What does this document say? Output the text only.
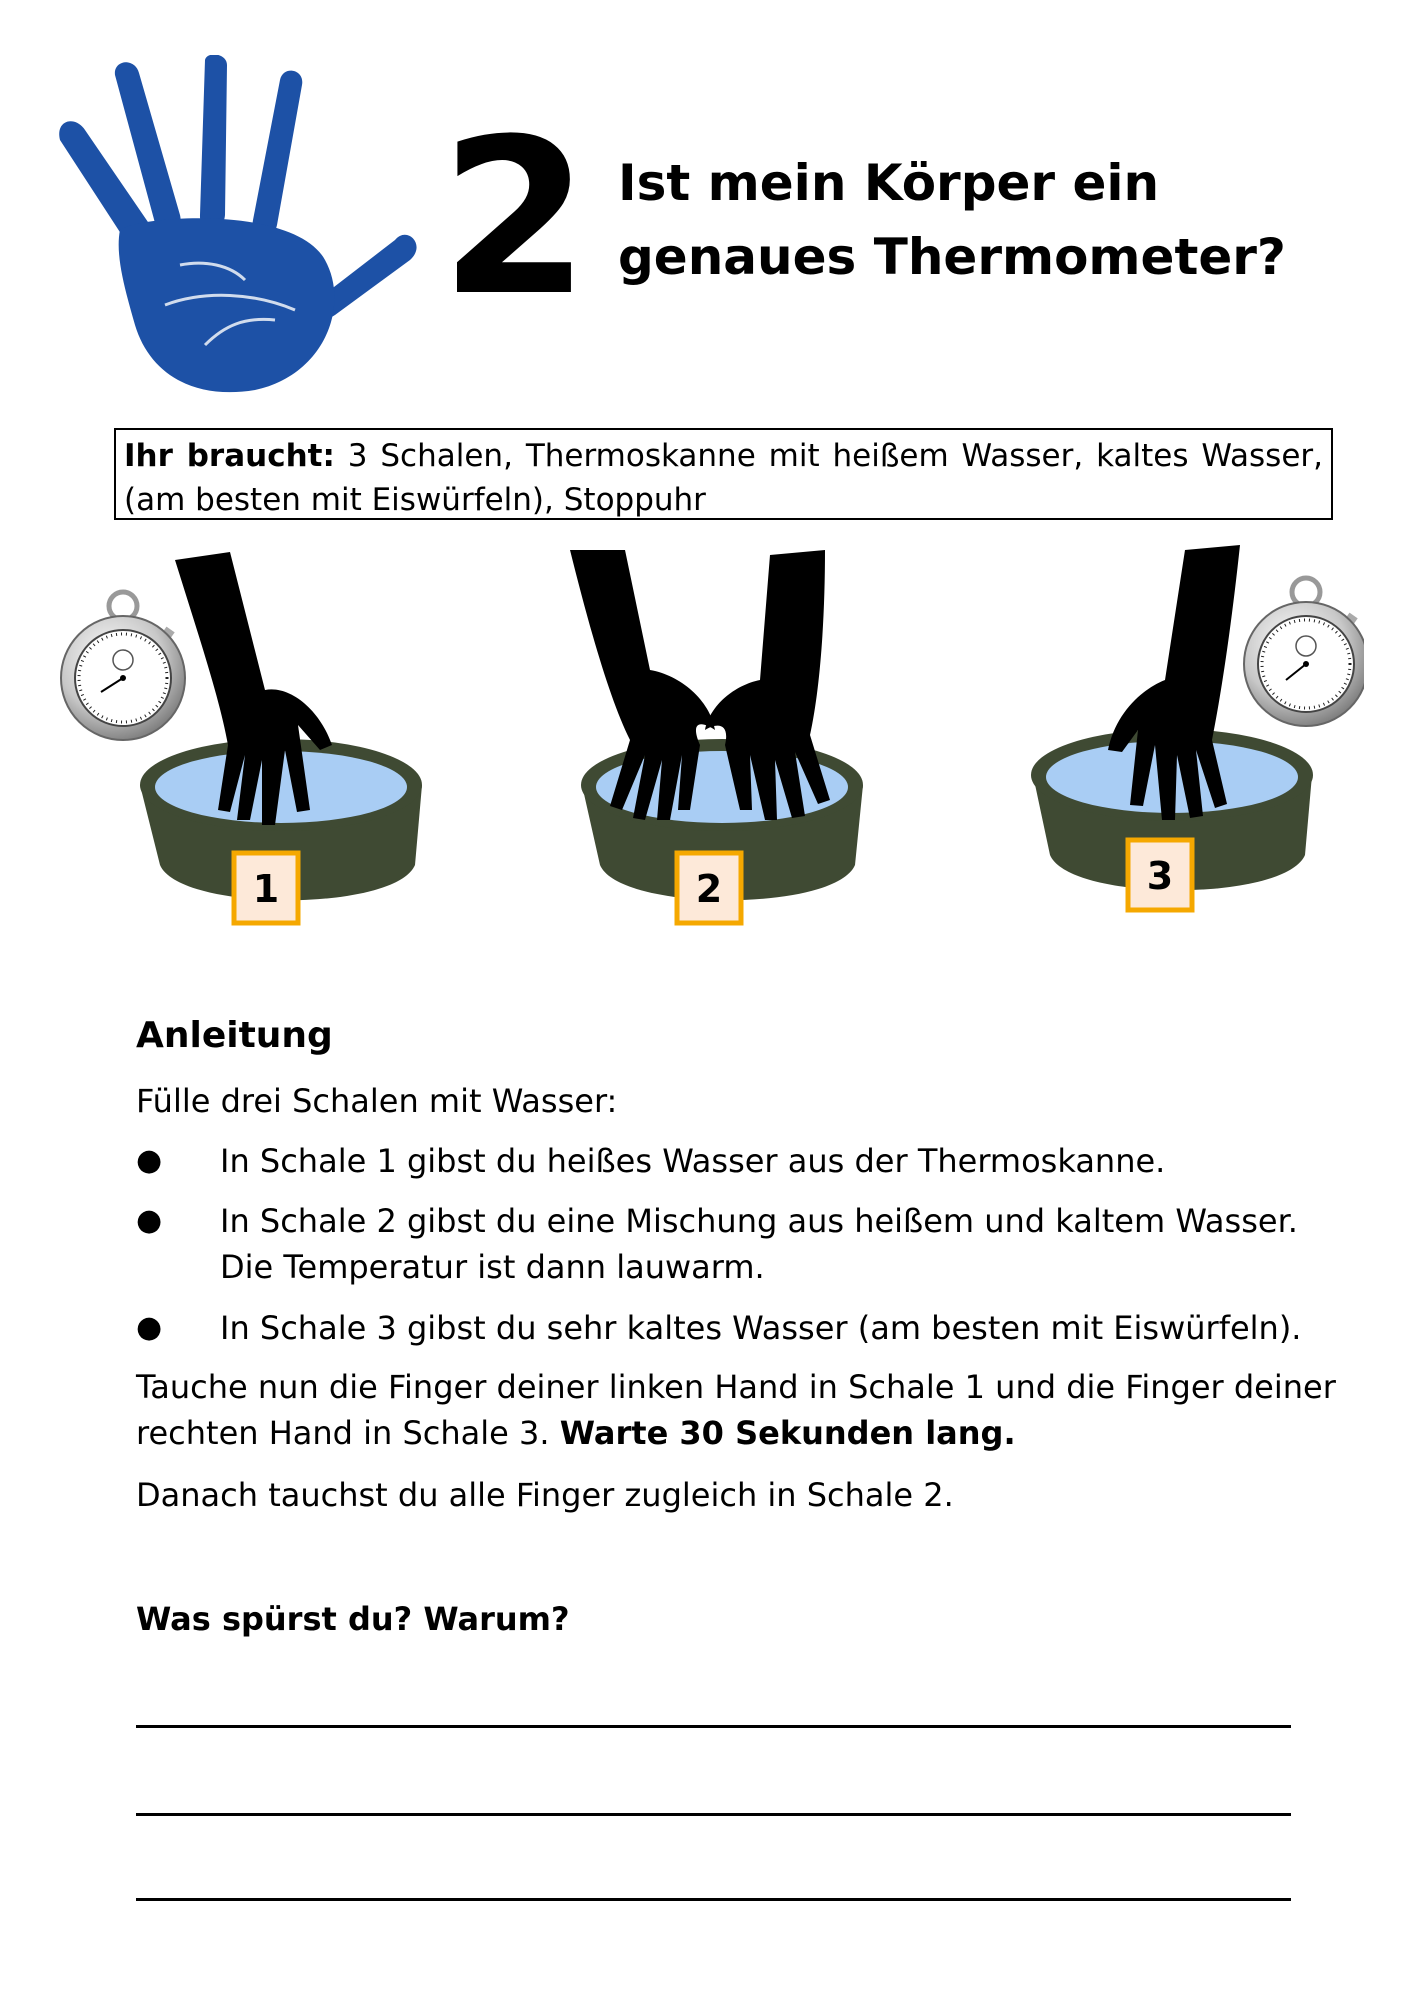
2 Ist mein Körper ein genaues Thermometer?
Ihr braucht: 3 Schalen, Thermoskanne mit heißem Wasser, kaltes Wasser, (am besten mit Eiswürfeln), Stoppuhr
1	2	3
Anleitung
Fülle drei Schalen mit Wasser:
● In Schale 1 gibst du heißes Wasser aus der Thermoskanne.
● In Schale 2 gibst du eine Mischung aus heißem und kaltem Wasser. Die Temperatur ist dann lauwarm.
● In Schale 3 gibst du sehr kaltes Wasser (am besten mit Eiswürfeln).
Tauche nun die Finger deiner linken Hand in Schale 1 und die Finger deiner rechten Hand in Schale 3. Warte 30 Sekunden lang.
Danach tauchst du alle Finger zugleich in Schale 2.
Was spürst du? Warum?
